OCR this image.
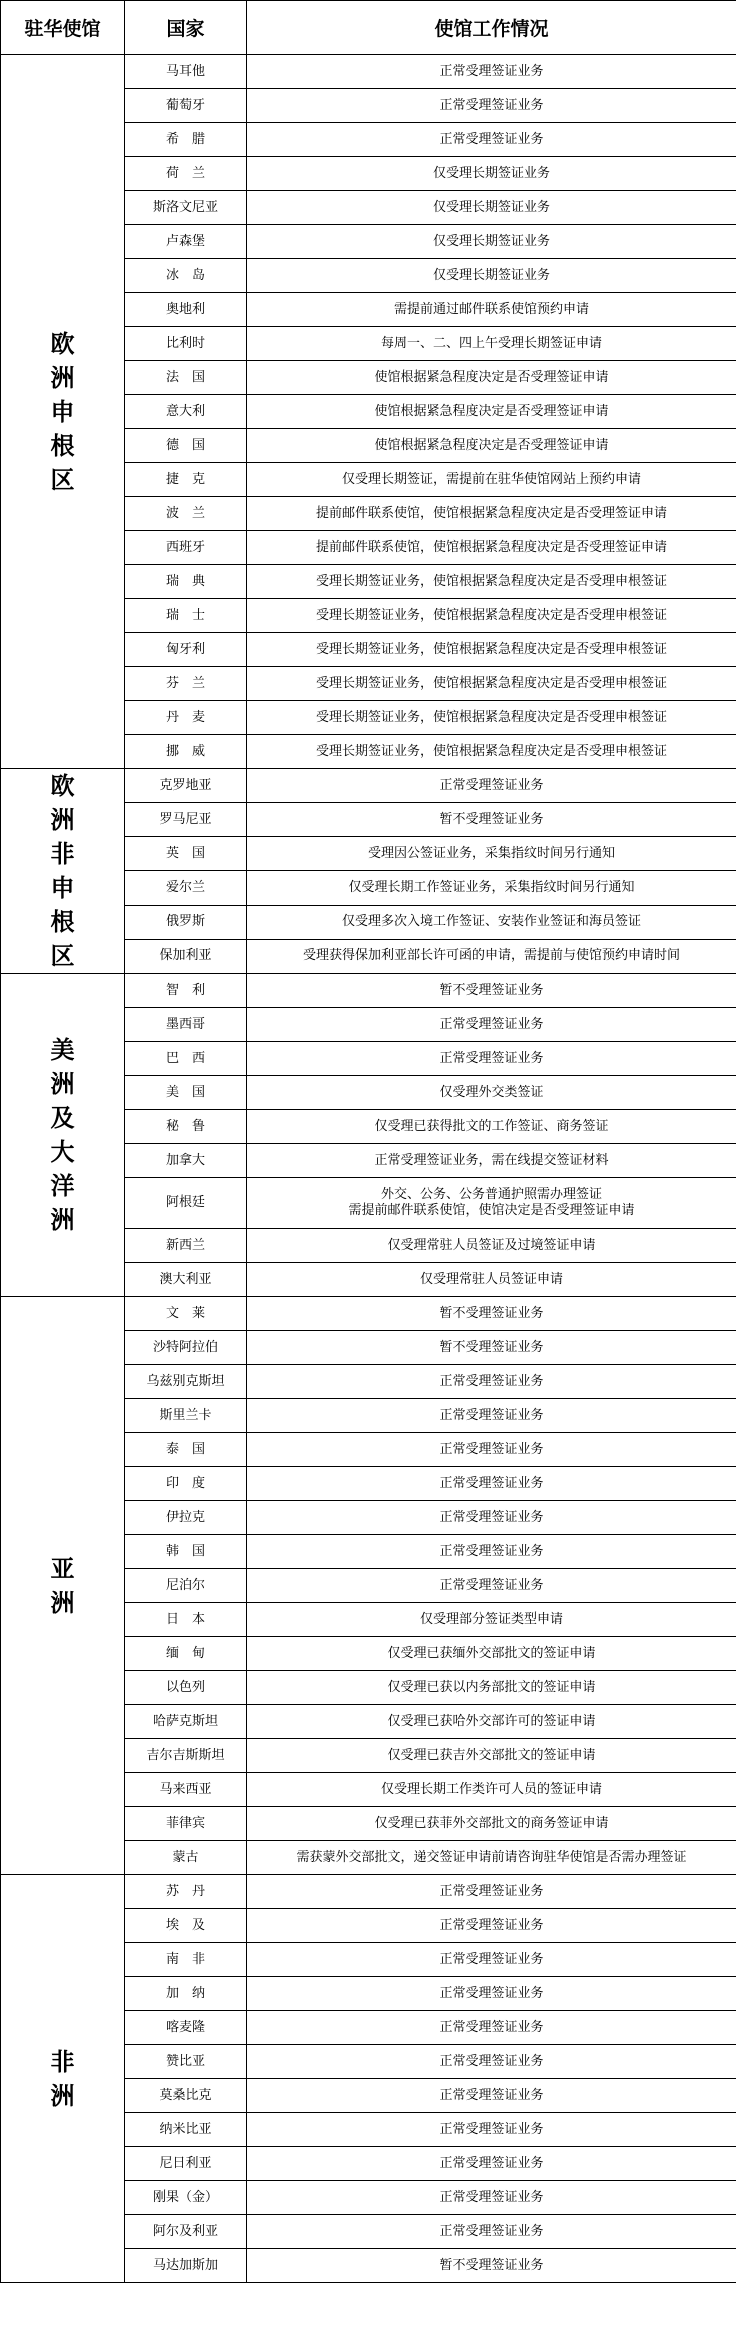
驻华使馆	国家	使馆工作情况
欧洲申根区	马耳他	正常受理签证业务
	葡萄牙	正常受理签证业务
	希　腊	正常受理签证业务
	荷　兰	仅受理长期签证业务
	斯洛文尼亚	仅受理长期签证业务
	卢森堡	仅受理长期签证业务
	冰　岛	仅受理长期签证业务
	奥地利	需提前通过邮件联系使馆预约申请
	比利时	每周一、二、四上午受理长期签证申请
	法　国	使馆根据紧急程度决定是否受理签证申请
	意大利	使馆根据紧急程度决定是否受理签证申请
	德　国	使馆根据紧急程度决定是否受理签证申请
	捷　克	仅受理长期签证，需提前在驻华使馆网站上预约申请
	波　兰	提前邮件联系使馆，使馆根据紧急程度决定是否受理签证申请
	西班牙	提前邮件联系使馆，使馆根据紧急程度决定是否受理签证申请
	瑞　典	受理长期签证业务，使馆根据紧急程度决定是否受理申根签证
	瑞　士	受理长期签证业务，使馆根据紧急程度决定是否受理申根签证
	匈牙利	受理长期签证业务，使馆根据紧急程度决定是否受理申根签证
	芬　兰	受理长期签证业务，使馆根据紧急程度决定是否受理申根签证
	丹　麦	受理长期签证业务，使馆根据紧急程度决定是否受理申根签证
	挪　威	受理长期签证业务，使馆根据紧急程度决定是否受理申根签证
欧洲非申根区	克罗地亚	正常受理签证业务
	罗马尼亚	暂不受理签证业务
	英　国	受理因公签证业务，采集指纹时间另行通知
	爱尔兰	仅受理长期工作签证业务，采集指纹时间另行通知
	俄罗斯	仅受理多次入境工作签证、安装作业签证和海员签证
	保加利亚	受理获得保加利亚部长许可函的申请，需提前与使馆预约申请时间
美洲及大洋洲	智　利	暂不受理签证业务
	墨西哥	正常受理签证业务
	巴　西	正常受理签证业务
	美　国	仅受理外交类签证
	秘　鲁	仅受理已获得批文的工作签证、商务签证
	加拿大	正常受理签证业务，需在线提交签证材料
	阿根廷	外交、公务、公务普通护照需办理签证
需提前邮件联系使馆，使馆决定是否受理签证申请
	新西兰	仅受理常驻人员签证及过境签证申请
	澳大利亚	仅受理常驻人员签证申请
亚洲	文　莱	暂不受理签证业务
	沙特阿拉伯	暂不受理签证业务
	乌兹别克斯坦	正常受理签证业务
	斯里兰卡	正常受理签证业务
	泰　国	正常受理签证业务
	印　度	正常受理签证业务
	伊拉克	正常受理签证业务
	韩　国	正常受理签证业务
	尼泊尔	正常受理签证业务
	日　本	仅受理部分签证类型申请
	缅　甸	仅受理已获缅外交部批文的签证申请
	以色列	仅受理已获以内务部批文的签证申请
	哈萨克斯坦	仅受理已获哈外交部许可的签证申请
	吉尔吉斯斯坦	仅受理已获吉外交部批文的签证申请
	马来西亚	仅受理长期工作类许可人员的签证申请
	菲律宾	仅受理已获菲外交部批文的商务签证申请
	蒙古	需获蒙外交部批文，递交签证申请前请咨询驻华使馆是否需办理签证
非洲	苏　丹	正常受理签证业务
	埃　及	正常受理签证业务
	南　非	正常受理签证业务
	加　纳	正常受理签证业务
	喀麦隆	正常受理签证业务
	赞比亚	正常受理签证业务
	莫桑比克	正常受理签证业务
	纳米比亚	正常受理签证业务
	尼日利亚	正常受理签证业务
	刚果（金）	正常受理签证业务
	阿尔及利亚	正常受理签证业务
	马达加斯加	暂不受理签证业务
